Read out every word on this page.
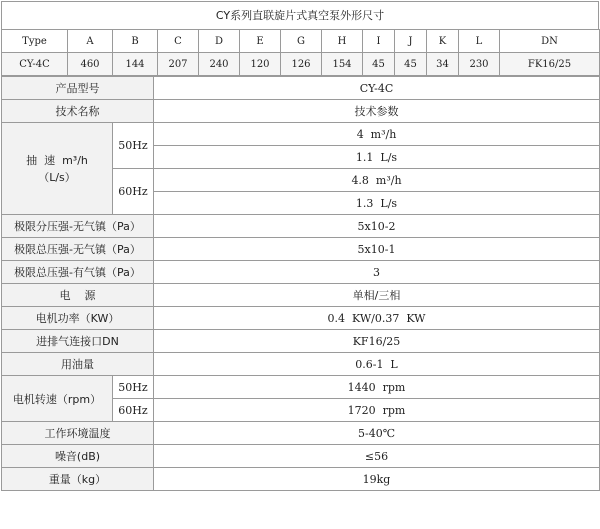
CY系列直联旋片式真空泵外形尺寸
Type	A	B	C	D	E	G	H	I	J	K	L	DN
CY-4C	460	144	207	240	120	126	154	45	45	34	230	FK16/25
产品型号		CY-4C
技术名称		技术参数

抽  速  m³/h
（L/s）	50Hz	4  m³/h
		1.1  L/s
	60Hz	4.8  m³/h
		1.3  L/s
极限分压强-无气镇（Pa）		5x10-2
极限总压强-无气镇（Pa）		5x10-1
极限总压强-有气镇（Pa）		3
电    源		单相/三相
电机功率（KW）		0.4  KW/0.37  KW
进排气连接口DN		KF16/25
用油量		0.6-1  L
电机转速（rpm）	50Hz	1440  rpm
	60Hz	1720  rpm
工作环境温度		5-40℃
噪音(dB)		≤56
重量（kg）		19kg
